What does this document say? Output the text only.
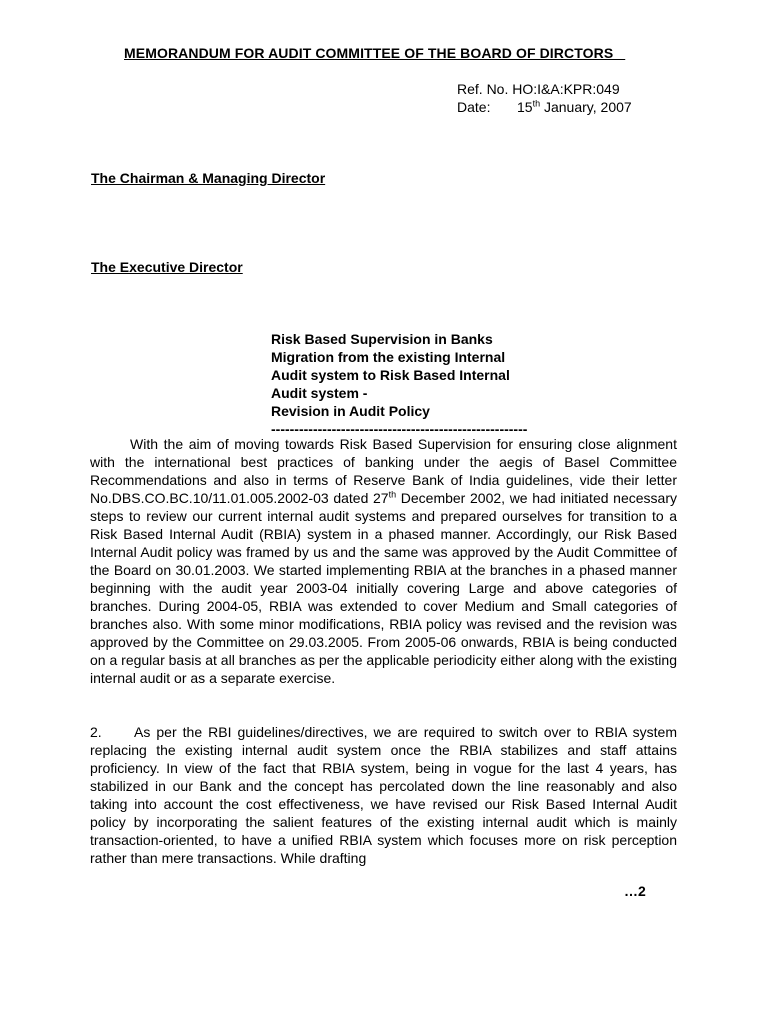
MEMORANDUM FOR AUDIT COMMITTEE OF THE BOARD OF DIRCTORS
Ref. No. HO:I&A:KPR:049
Date: 15th January, 2007
The Chairman & Managing Director
The Executive Director
Risk Based Supervision in Banks
Migration from the existing Internal
Audit system to Risk Based Internal
Audit system -
Revision in Audit Policy
-------------------------------------------------------
With the aim of moving towards Risk Based Supervision for ensuring close alignment with the international best practices of banking under the aegis of Basel Committee Recommendations and also in terms of Reserve Bank of India guidelines, vide their letter No.DBS.CO.BC.10/11.01.005.2002-03 dated 27th December 2002, we had initiated necessary steps to review our current internal audit systems and prepared ourselves for transition to a Risk Based Internal Audit (RBIA) system in a phased manner. Accordingly, our Risk Based Internal Audit policy was framed by us and the same was approved by the Audit Committee of the Board on 30.01.2003. We started implementing RBIA at the branches in a phased manner beginning with the audit year 2003-04 initially covering Large and above categories of branches. During 2004-05, RBIA was extended to cover Medium and Small categories of branches also. With some minor modifications, RBIA policy was revised and the revision was approved by the Committee on 29.03.2005. From 2005-06 onwards, RBIA is being conducted on a regular basis at all branches as per the applicable periodicity either along with the existing internal audit or as a separate exercise.
2. As per the RBI guidelines/directives, we are required to switch over to RBIA system replacing the existing internal audit system once the RBIA stabilizes and staff attains proficiency. In view of the fact that RBIA system, being in vogue for the last 4 years, has stabilized in our Bank and the concept has percolated down the line reasonably and also taking into account the cost effectiveness, we have revised our Risk Based Internal Audit policy by incorporating the salient features of the existing internal audit which is mainly transaction-oriented, to have a unified RBIA system which focuses more on risk perception rather than mere transactions. While drafting
…2
